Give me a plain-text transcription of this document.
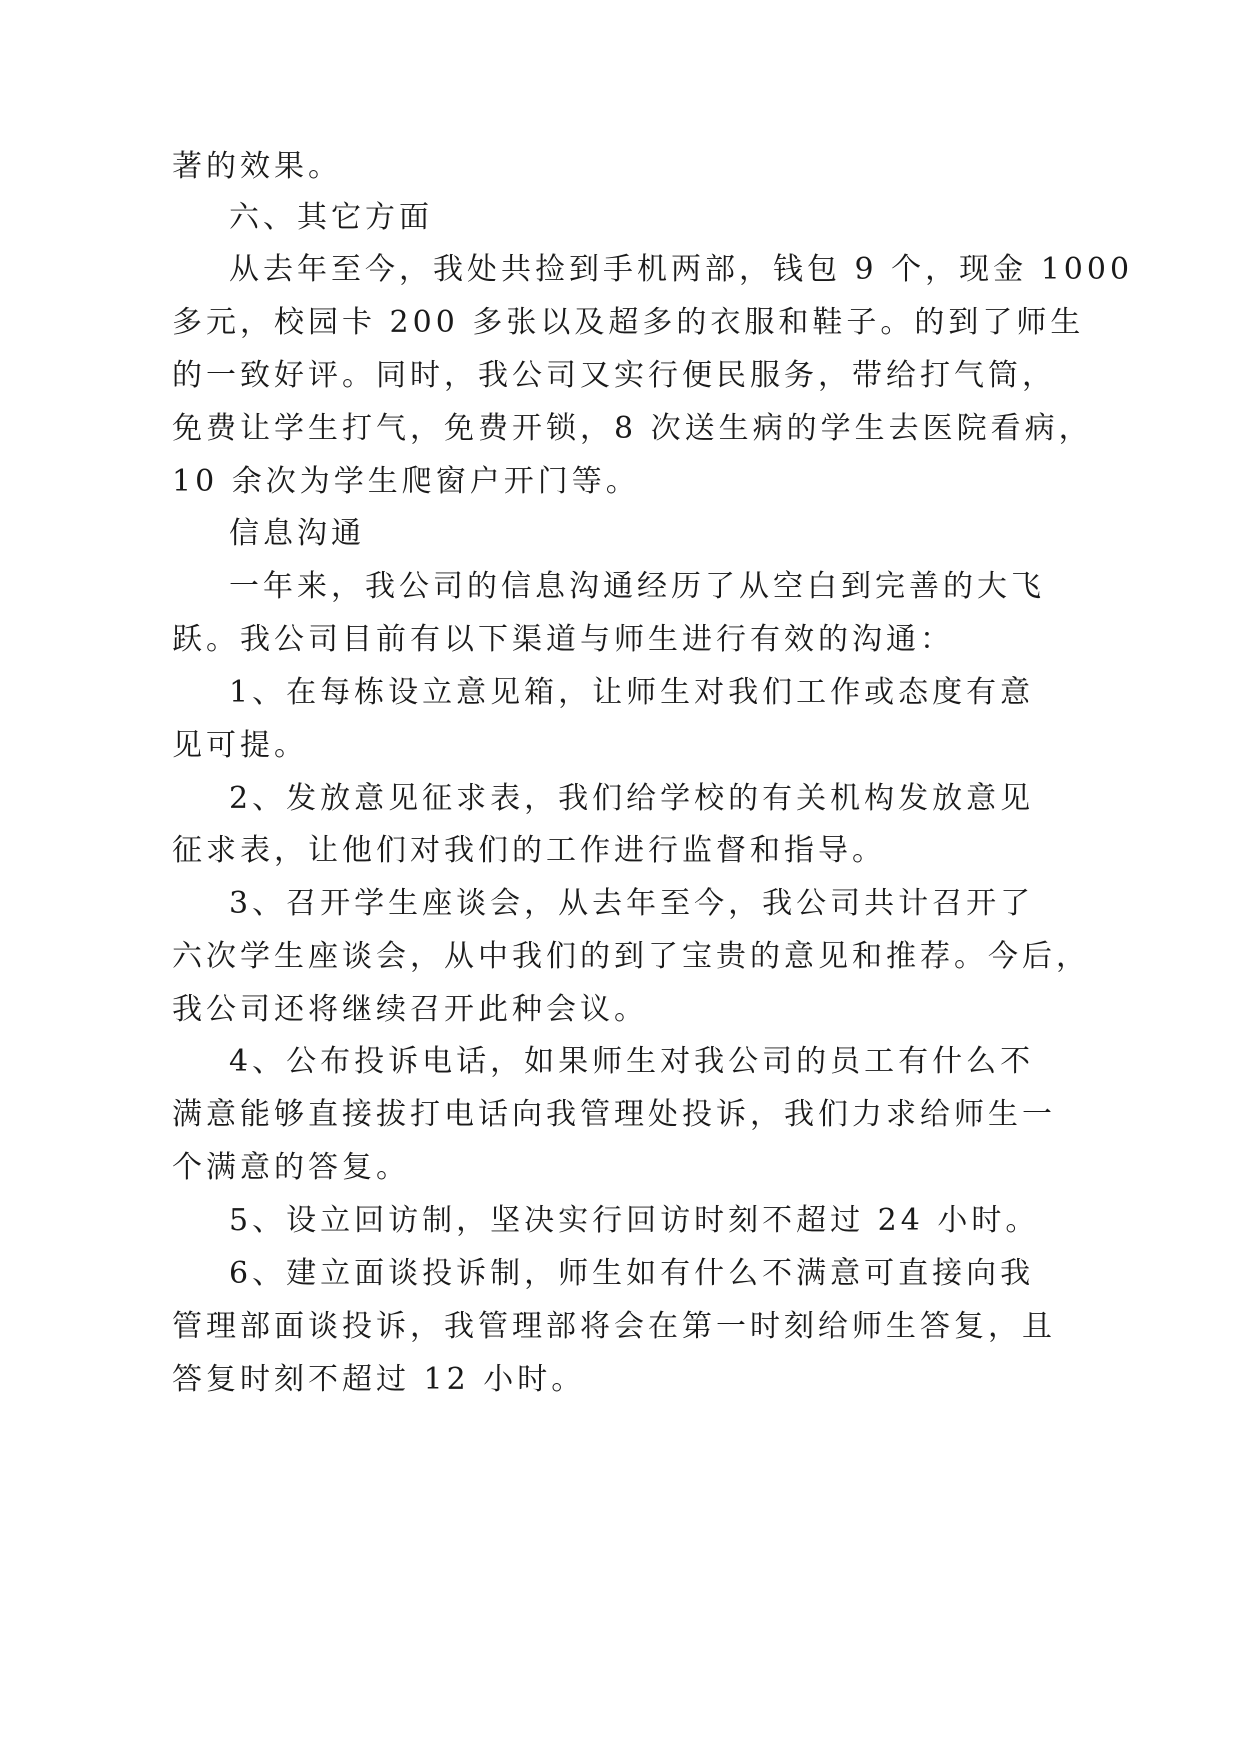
著的效果。
六、其它方面
从去年至今，我处共捡到手机两部，钱包 9 个，现金 1000
多元，校园卡 200 多张以及超多的衣服和鞋子。的到了师生
的一致好评。同时，我公司又实行便民服务，带给打气筒，
免费让学生打气，免费开锁，8 次送生病的学生去医院看病，
10 余次为学生爬窗户开门等。
信息沟通
一年来，我公司的信息沟通经历了从空白到完善的大飞
跃。我公司目前有以下渠道与师生进行有效的沟通：
1、在每栋设立意见箱，让师生对我们工作或态度有意
见可提。
2、发放意见征求表，我们给学校的有关机构发放意见
征求表，让他们对我们的工作进行监督和指导。
3、召开学生座谈会，从去年至今，我公司共计召开了
六次学生座谈会，从中我们的到了宝贵的意见和推荐。今后，
我公司还将继续召开此种会议。
4、公布投诉电话，如果师生对我公司的员工有什么不
满意能够直接拔打电话向我管理处投诉，我们力求给师生一
个满意的答复。
5、设立回访制，坚决实行回访时刻不超过 24 小时。
6、建立面谈投诉制，师生如有什么不满意可直接向我
管理部面谈投诉，我管理部将会在第一时刻给师生答复，且
答复时刻不超过 12 小时。
